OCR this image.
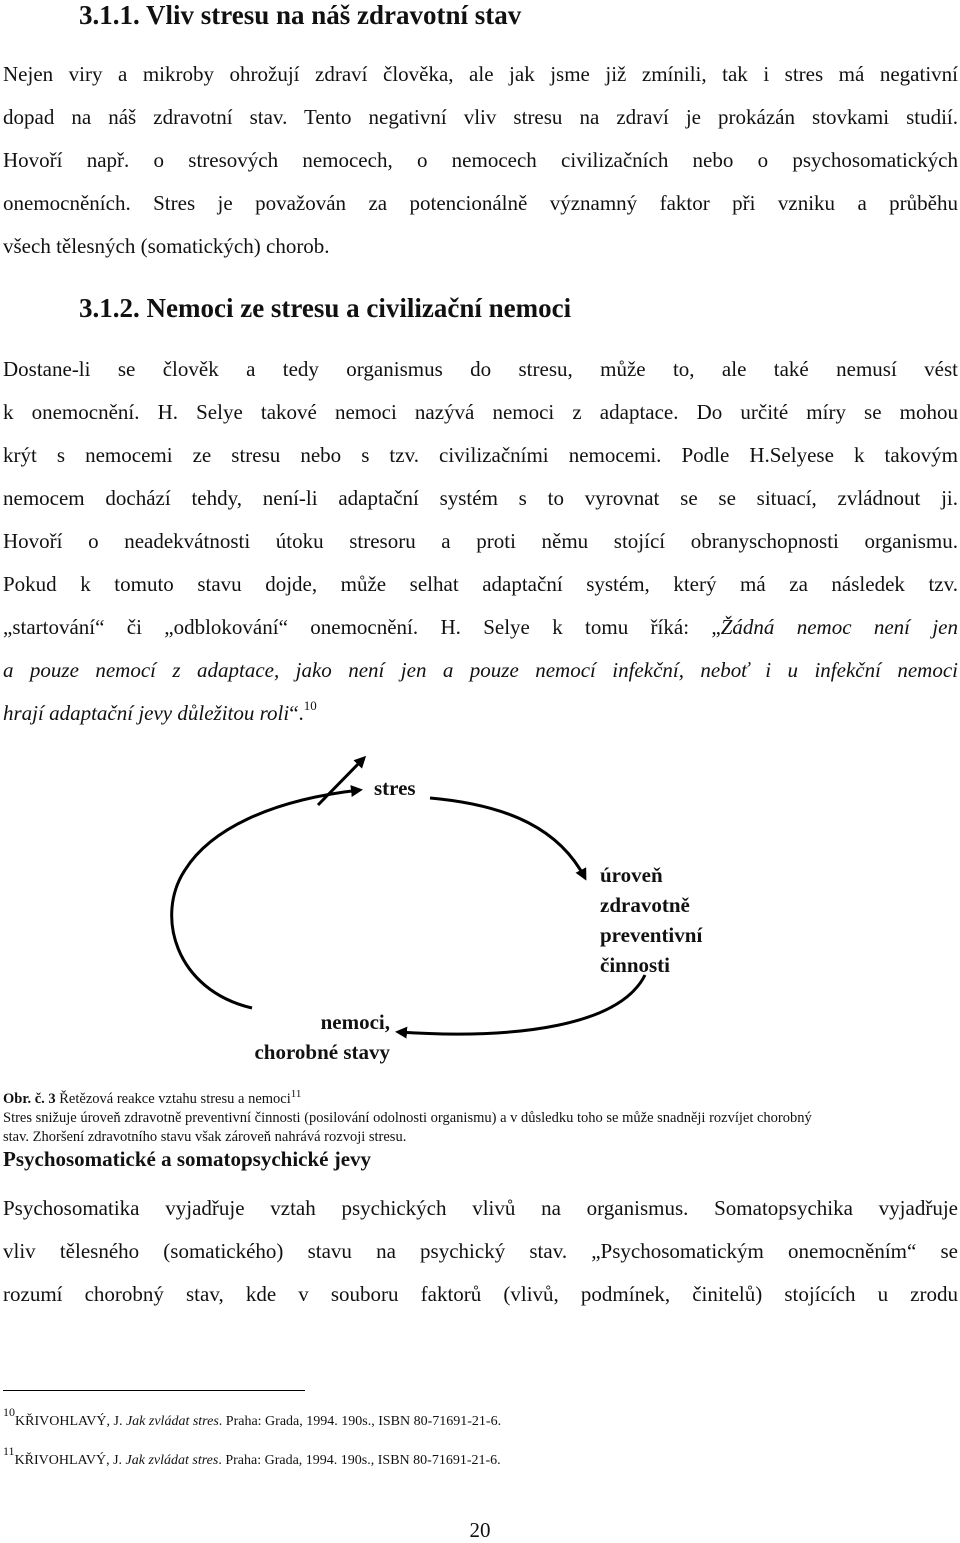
3.1.1. Vliv stresu na náš zdravotní stav
Nejen viry a mikroby ohrožují zdraví člověka, ale jak jsme již zmínili, tak i stres má negativní
dopad na náš zdravotní stav. Tento negativní vliv stresu na zdraví je prokázán stovkami studií.
Hovoří např. o stresových nemocech, o nemocech civilizačních nebo o psychosomatických
onemocněních. Stres je považován za potencionálně významný faktor při vzniku a průběhu
všech tělesných (somatických) chorob.
3.1.2. Nemoci ze stresu a civilizační nemoci
Dostane-li se člověk a tedy organismus do stresu, může to, ale také nemusí vést
k onemocnění. H. Selye takové nemoci nazývá nemoci z adaptace. Do určité míry se mohou
krýt s nemocemi ze stresu nebo s tzv. civilizačními nemocemi. Podle H.Selyese k takovým
nemocem dochází tehdy, není-li adaptační systém s to vyrovnat se se situací, zvládnout ji.
Hovoří o neadekvátnosti útoku stresoru a proti němu stojící obranyschopnosti organismu.
Pokud k tomuto stavu dojde, může selhat adaptační systém, který má za následek tzv.
„startování“ či „odblokování“ onemocnění. H. Selye k tomu říká: „Žádná nemoc není jen
a pouze nemocí z adaptace, jako není jen a pouze nemocí infekční, neboť i u infekční nemoci
hrají adaptační jevy důležitou roli“.$^{10}$
stres
úroveň
zdravotně
preventivní
činnosti
nemoci,
chorobné stavy
Obr. č. 3 Řetězová reakce vztahu stresu a nemoci$^{11}$
Stres snižuje úroveň zdravotně preventivní činnosti (posilování odolnosti organismu) a v důsledku toho se může snadněji rozvíjet chorobný
stav. Zhoršení zdravotního stavu však zároveň nahrává rozvoji stresu.
Psychosomatické a somatopsychické jevy
Psychosomatika vyjadřuje vztah psychických vlivů na organismus. Somatopsychika vyjadřuje
vliv tělesného (somatického) stavu na psychický stav. „Psychosomatickým onemocněním“ se
rozumí chorobný stav, kde v souboru faktorů (vlivů, podmínek, činitelů) stojících u zrodu
$^{10}$KŘIVOHLAVÝ, J. Jak zvládat stres. Praha: Grada, 1994. 190s., ISBN 80-71691-21-6.
$^{11}$KŘIVOHLAVÝ, J. Jak zvládat stres. Praha: Grada, 1994. 190s., ISBN 80-71691-21-6.
20
